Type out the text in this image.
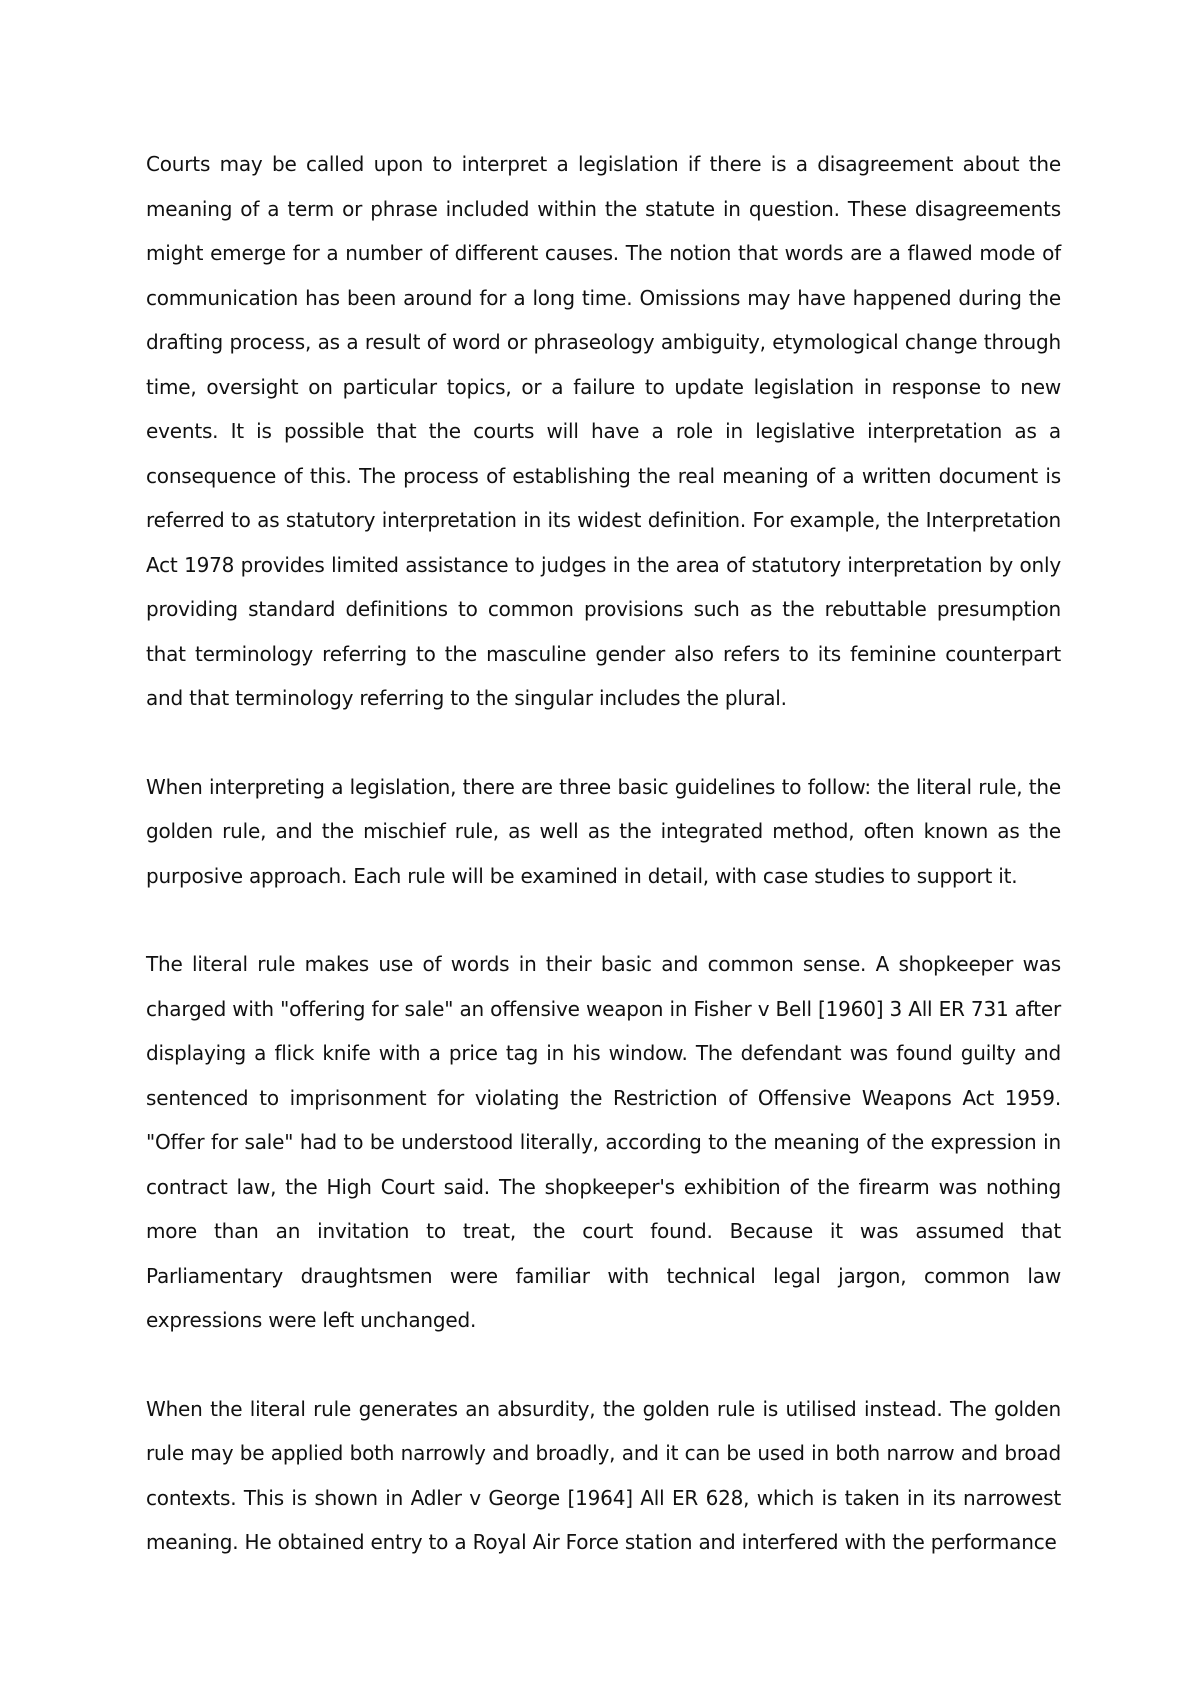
Courts may be called upon to interpret a legislation if there is a disagreement about the meaning of a term or phrase included within the statute in question. These disagreements might emerge for a number of different causes. The notion that words are a flawed mode of communication has been around for a long time. Omissions may have happened during the drafting process, as a result of word or phraseology ambiguity, etymological change through time, oversight on particular topics, or a failure to update legislation in response to new events. It is possible that the courts will have a role in legislative interpretation as a consequence of this. The process of establishing the real meaning of a written document is referred to as statutory interpretation in its widest definition. For example, the Interpretation Act 1978 provides limited assistance to judges in the area of statutory interpretation by only providing standard definitions to common provisions such as the rebuttable presumption that terminology referring to the masculine gender also refers to its feminine counterpart and that terminology referring to the singular includes the plural.

When interpreting a legislation, there are three basic guidelines to follow: the literal rule, the golden rule, and the mischief rule, as well as the integrated method, often known as the purposive approach. Each rule will be examined in detail, with case studies to support it.

The literal rule makes use of words in their basic and common sense. A shopkeeper was charged with "offering for sale" an offensive weapon in Fisher v Bell [1960] 3 All ER 731 after displaying a flick knife with a price tag in his window. The defendant was found guilty and sentenced to imprisonment for violating the Restriction of Offensive Weapons Act 1959. "Offer for sale" had to be understood literally, according to the meaning of the expression in contract law, the High Court said. The shopkeeper's exhibition of the firearm was nothing more than an invitation to treat, the court found. Because it was assumed that Parliamentary draughtsmen were familiar with technical legal jargon, common law expressions were left unchanged.

When the literal rule generates an absurdity, the golden rule is utilised instead. The golden rule may be applied both narrowly and broadly, and it can be used in both narrow and broad contexts. This is shown in Adler v George [1964] All ER 628, which is taken in its narrowest meaning. He obtained entry to a Royal Air Force station and interfered with the performance
